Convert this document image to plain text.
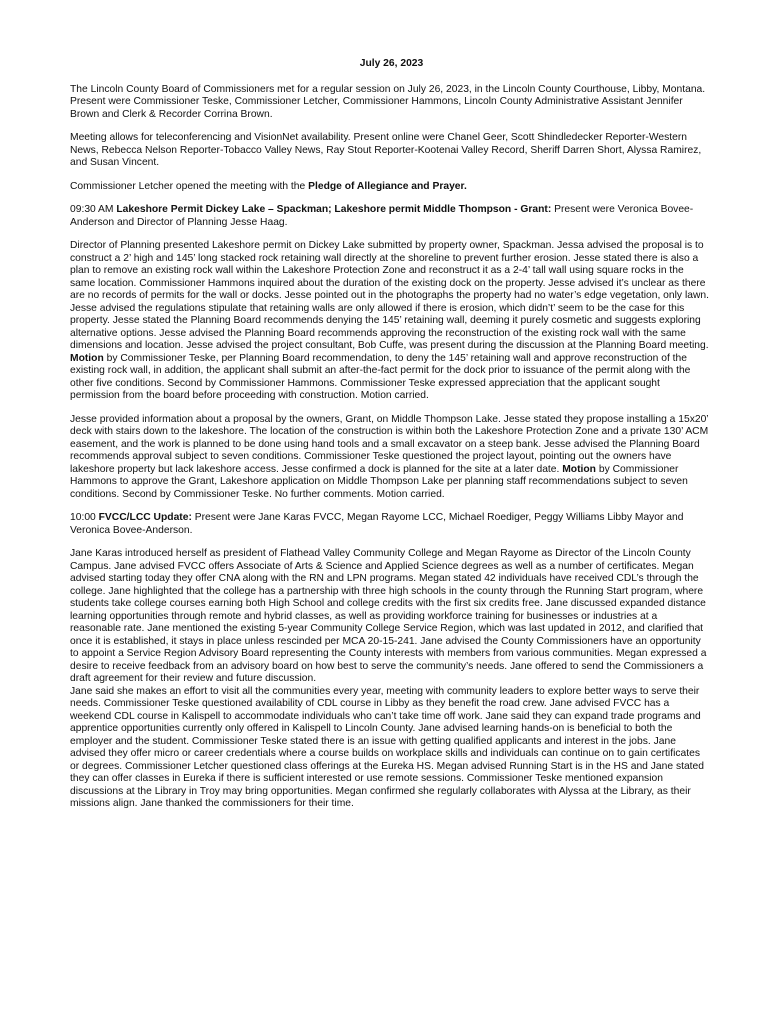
July 26, 2023

The Lincoln County Board of Commissioners met for a regular session on July 26, 2023, in the Lincoln County Courthouse, Libby, Montana. Present were Commissioner Teske, Commissioner Letcher, Commissioner Hammons, Lincoln County Administrative Assistant Jennifer Brown and Clerk & Recorder Corrina Brown.

Meeting allows for teleconferencing and VisionNet availability. Present online were Chanel Geer, Scott Shindledecker Reporter-Western News, Rebecca Nelson Reporter-Tobacco Valley News, Ray Stout Reporter-Kootenai Valley Record, Sheriff Darren Short, Alyssa Ramirez, and Susan Vincent.

Commissioner Letcher opened the meeting with the Pledge of Allegiance and Prayer.

09:30 AM Lakeshore Permit Dickey Lake – Spackman; Lakeshore permit Middle Thompson - Grant: Present were Veronica Bovee-Anderson and Director of Planning Jesse Haag.

Director of Planning presented Lakeshore permit on Dickey Lake submitted by property owner, Spackman. Jessa advised the proposal is to construct a 2’ high and 145’ long stacked rock retaining wall directly at the shoreline to prevent further erosion. Jesse stated there is also a plan to remove an existing rock wall within the Lakeshore Protection Zone and reconstruct it as a 2-4’ tall wall using square rocks in the same location. Commissioner Hammons inquired about the duration of the existing dock on the property. Jesse advised it’s unclear as there are no records of permits for the wall or docks. Jesse pointed out in the photographs the property had no water’s edge vegetation, only lawn. Jesse advised the regulations stipulate that retaining walls are only allowed if there is erosion, which didn’t’ seem to be the case for this property. Jesse stated the Planning Board recommends denying the 145’ retaining wall, deeming it purely cosmetic and suggests exploring alternative options. Jesse advised the Planning Board recommends approving the reconstruction of the existing rock wall with the same dimensions and location. Jesse advised the project consultant, Bob Cuffe, was present during the discussion at the Planning Board meeting. Motion by Commissioner Teske, per Planning Board recommendation, to deny the 145’ retaining wall and approve reconstruction of the existing rock wall, in addition, the applicant shall submit an after-the-fact permit for the dock prior to issuance of the permit along with the other five conditions. Second by Commissioner Hammons. Commissioner Teske expressed appreciation that the applicant sought permission from the board before proceeding with construction. Motion carried.

Jesse provided information about a proposal by the owners, Grant, on Middle Thompson Lake. Jesse stated they propose installing a 15x20’ deck with stairs down to the lakeshore. The location of the construction is within both the Lakeshore Protection Zone and a private 130’ ACM easement, and the work is planned to be done using hand tools and a small excavator on a steep bank. Jesse advised the Planning Board recommends approval subject to seven conditions. Commissioner Teske questioned the project layout, pointing out the owners have lakeshore property but lack lakeshore access. Jesse confirmed a dock is planned for the site at a later date. Motion by Commissioner Hammons to approve the Grant, Lakeshore application on Middle Thompson Lake per planning staff recommendations subject to seven conditions. Second by Commissioner Teske. No further comments. Motion carried.

10:00 FVCC/LCC Update: Present were Jane Karas FVCC, Megan Rayome LCC, Michael Roediger, Peggy Williams Libby Mayor and Veronica Bovee-Anderson.

Jane Karas introduced herself as president of Flathead Valley Community College and Megan Rayome as Director of the Lincoln County Campus. Jane advised FVCC offers Associate of Arts & Science and Applied Science degrees as well as a number of certificates. Megan advised starting today they offer CNA along with the RN and LPN programs. Megan stated 42 individuals have received CDL’s through the college. Jane highlighted that the college has a partnership with three high schools in the county through the Running Start program, where students take college courses earning both High School and college credits with the first six credits free. Jane discussed expanded distance learning opportunities through remote and hybrid classes, as well as providing workforce training for businesses or industries at a reasonable rate. Jane mentioned the existing 5-year Community College Service Region, which was last updated in 2012, and clarified that once it is established, it stays in place unless rescinded per MCA 20-15-241. Jane advised the County Commissioners have an opportunity to appoint a Service Region Advisory Board representing the County interests with members from various communities. Megan expressed a desire to receive feedback from an advisory board on how best to serve the community’s needs. Jane offered to send the Commissioners a draft agreement for their review and future discussion.

Jane said she makes an effort to visit all the communities every year, meeting with community leaders to explore better ways to serve their needs. Commissioner Teske questioned availability of CDL course in Libby as they benefit the road crew. Jane advised FVCC has a weekend CDL course in Kalispell to accommodate individuals who can’t take time off work. Jane said they can expand trade programs and apprentice opportunities currently only offered in Kalispell to Lincoln County. Jane advised learning hands-on is beneficial to both the employer and the student. Commissioner Teske stated there is an issue with getting qualified applicants and interest in the jobs. Jane advised they offer micro or career credentials where a course builds on workplace skills and individuals can continue on to gain certificates or degrees. Commissioner Letcher questioned class offerings at the Eureka HS. Megan advised Running Start is in the HS and Jane stated they can offer classes in Eureka if there is sufficient interested or use remote sessions. Commissioner Teske mentioned expansion discussions at the Library in Troy may bring opportunities. Megan confirmed she regularly collaborates with Alyssa at the Library, as their missions align. Jane thanked the commissioners for their time.
